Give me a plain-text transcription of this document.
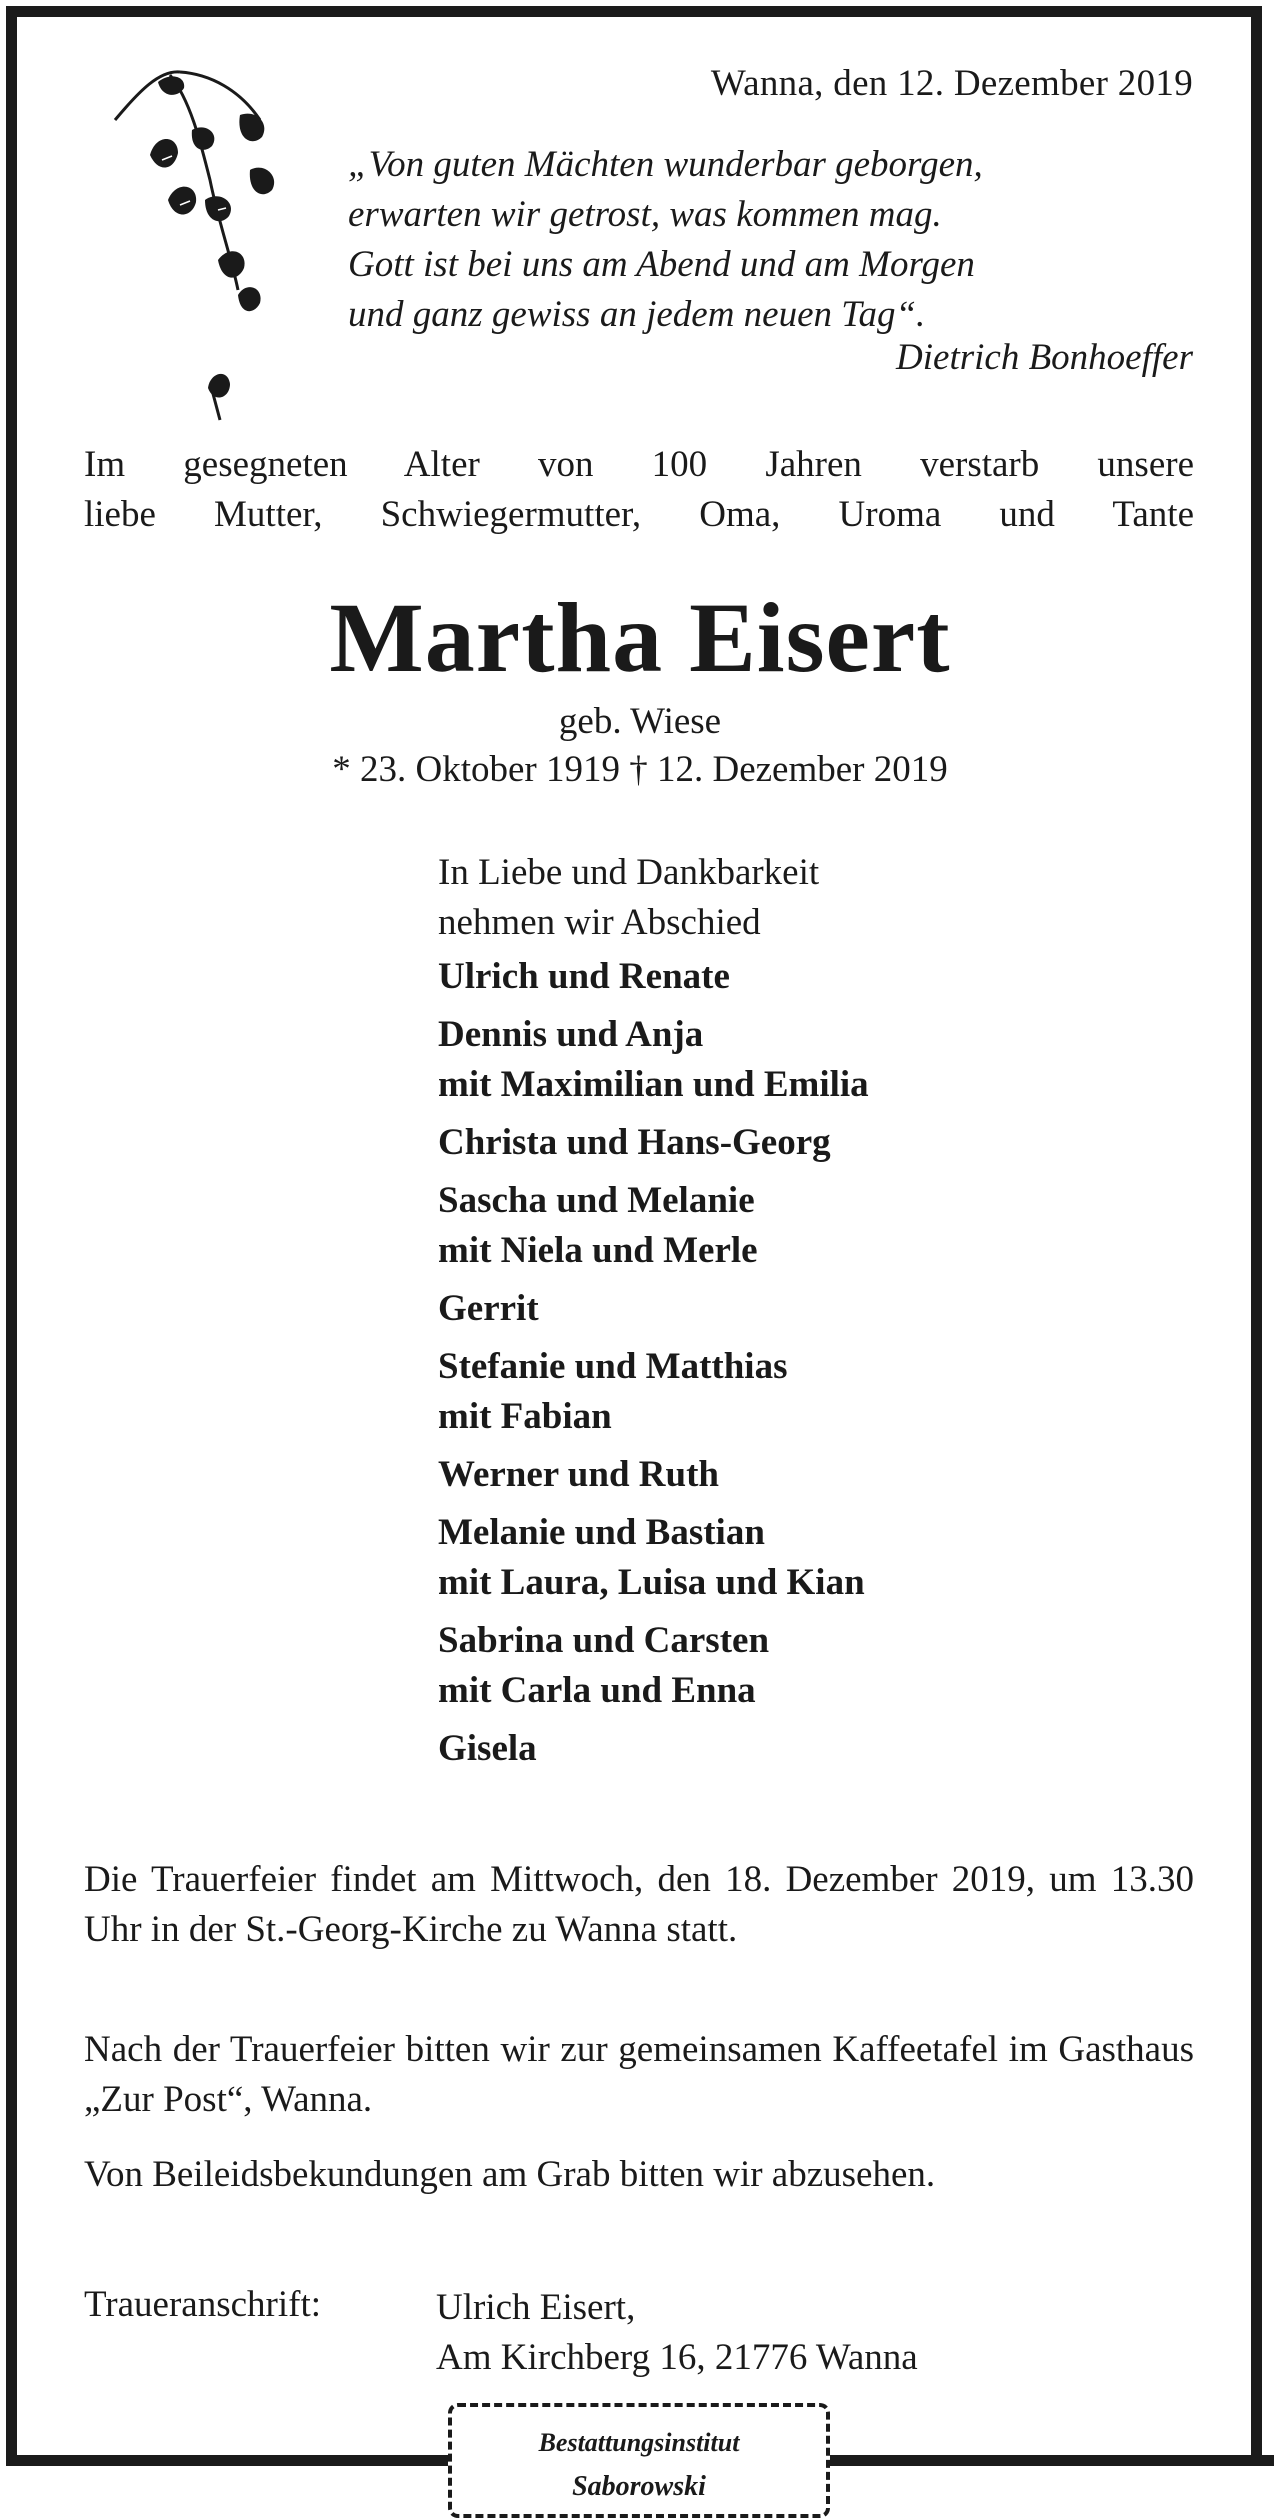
Wanna, den 12. Dezember 2019

„Von guten Mächten wunderbar geborgen,
erwarten wir getrost, was kommen mag.
Gott ist bei uns am Abend und am Morgen
und ganz gewiss an jedem neuen Tag“.

Dietrich Bonhoeffer

Im gesegneten Alter von 100 Jahren verstarb unsere
liebe Mutter, Schwiegermutter, Oma, Uroma und Tante

Martha Eisert
geb. Wiese
* 23. Oktober 1919 † 12. Dezember 2019
In Liebe und Dankbarkeit
nehmen wir Abschied
Ulrich und Renate
Dennis und Anja
mit Maximilian und Emilia
Christa und Hans-Georg
Sascha und Melanie
mit Niela und Merle
Gerrit
Stefanie und Matthias
mit Fabian
Werner und Ruth
Melanie und Bastian
mit Laura, Luisa und Kian
Sabrina und Carsten
mit Carla und Enna
Gisela

Die Trauerfeier findet am Mittwoch, den 18. Dezember 2019, um 13.30 Uhr in der St.-Georg-Kirche zu Wanna statt.

Nach der Trauerfeier bitten wir zur gemeinsamen Kaffeetafel im Gasthaus „Zur Post“, Wanna.

Von Beileidsbekundungen am Grab bitten wir abzusehen.

Traueranschrift:	Ulrich Eisert,
Am Kirchberg 16, 21776 Wanna
Bestattungsinstitut
Saborowski
